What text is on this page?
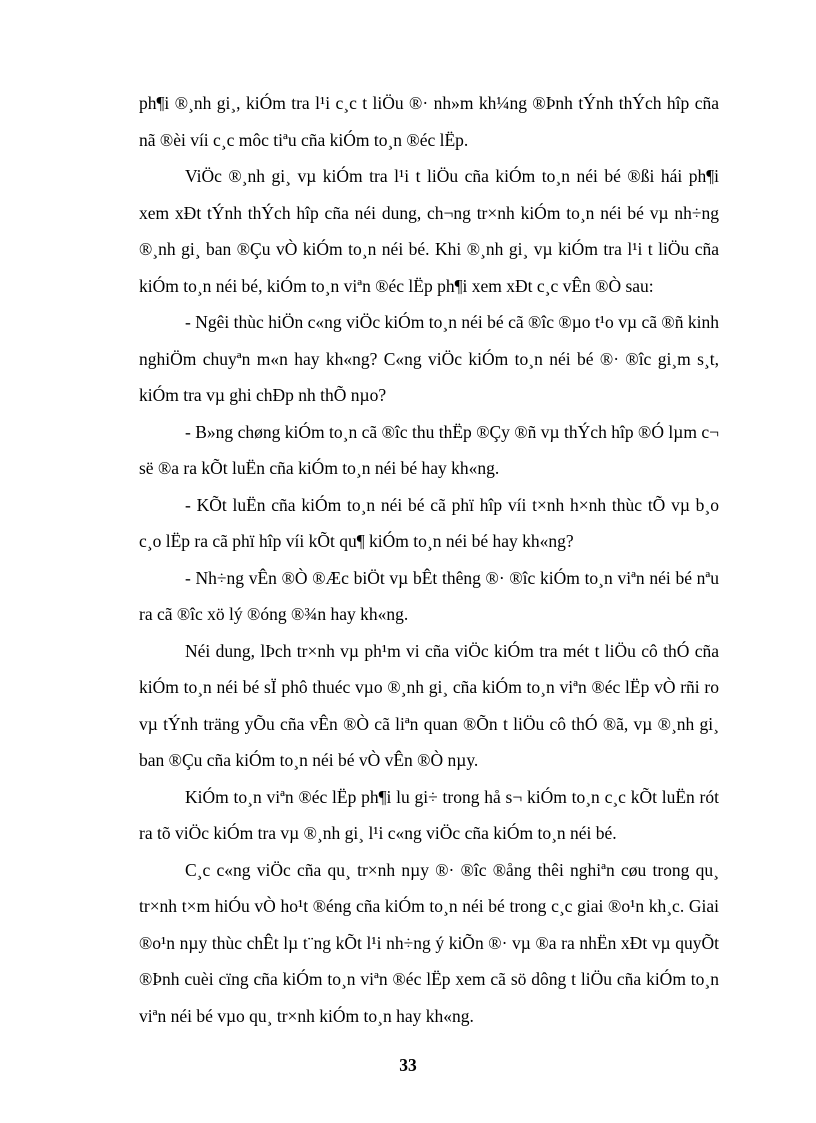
ph¶i ®¸nh gi¸, kiÓm tra l¹i c¸c t liÖu ®· nh»m kh¼ng ®Þnh tÝnh thÝch hîp cña nã ®èi víi c¸c môc tiªu cña kiÓm to¸n ®éc lËp.

ViÖc ®¸nh gi¸ vµ kiÓm tra l¹i t liÖu cña kiÓm to¸n néi bé ®ßi hái ph¶i xem xÐt tÝnh thÝch hîp cña néi dung, ch¬ng tr×nh kiÓm to¸n néi bé vµ nh÷ng ®¸nh gi¸ ban ®Çu vÒ kiÓm to¸n néi bé. Khi ®¸nh gi¸ vµ kiÓm tra l¹i t liÖu cña kiÓm to¸n néi bé, kiÓm to¸n viªn ®éc lËp ph¶i xem xÐt c¸c vÊn ®Ò sau:

- Ngêi thùc hiÖn c«ng viÖc kiÓm to¸n néi bé cã ®îc ®µo t¹o vµ cã ®ñ kinh nghiÖm chuyªn m«n hay kh«ng? C«ng viÖc kiÓm to¸n néi bé ®· ®îc gi¸m s¸t, kiÓm tra vµ ghi chÐp nh thÕ nµo?

- B»ng chøng kiÓm to¸n cã ®îc thu thËp ®Çy ®ñ vµ thÝch hîp ®Ó lµm c¬ së ®a ra kÕt luËn cña kiÓm to¸n néi bé hay kh«ng.

- KÕt luËn cña kiÓm to¸n néi bé cã phï hîp víi t×nh h×nh thùc tÕ vµ b¸o c¸o lËp ra cã phï hîp víi kÕt qu¶ kiÓm to¸n néi bé hay kh«ng?

- Nh÷ng vÊn ®Ò ®Æc biÖt vµ bÊt thêng ®· ®îc kiÓm to¸n viªn néi bé nªu ra cã ®îc xö lý ®óng ®¾n hay kh«ng.

Néi dung, lÞch tr×nh vµ ph¹m vi cña viÖc kiÓm tra mét t liÖu cô thÓ cña kiÓm to¸n néi bé sÏ phô thuéc vµo ®¸nh gi¸ cña kiÓm to¸n viªn ®éc lËp vÒ rñi ro vµ tÝnh träng yÕu cña vÊn ®Ò cã liªn quan ®Õn t liÖu cô thÓ ®ã, vµ ®¸nh gi¸ ban ®Çu cña kiÓm to¸n néi bé vÒ vÊn ®Ò nµy.

KiÓm to¸n viªn ®éc lËp ph¶i lu gi÷ trong hå s¬ kiÓm to¸n c¸c kÕt luËn rót ra tõ viÖc kiÓm tra vµ ®¸nh gi¸ l¹i c«ng viÖc cña kiÓm to¸n néi bé.

C¸c c«ng viÖc cña qu¸ tr×nh nµy ®· ®îc ®ång thêi nghiªn cøu trong qu¸ tr×nh t×m hiÓu vÒ ho¹t ®éng cña kiÓm to¸n néi bé trong c¸c giai ®o¹n kh¸c. Giai ®o¹n nµy thùc chÊt lµ t¨ng kÕt l¹i nh÷ng ý kiÕn ®· vµ ®a ra nhËn xÐt vµ quyÕt ®Þnh cuèi cïng cña kiÓm to¸n viªn ®éc lËp xem cã sö dông t liÖu cña kiÓm to¸n viªn néi bé vµo qu¸ tr×nh kiÓm to¸n hay kh«ng.

33
